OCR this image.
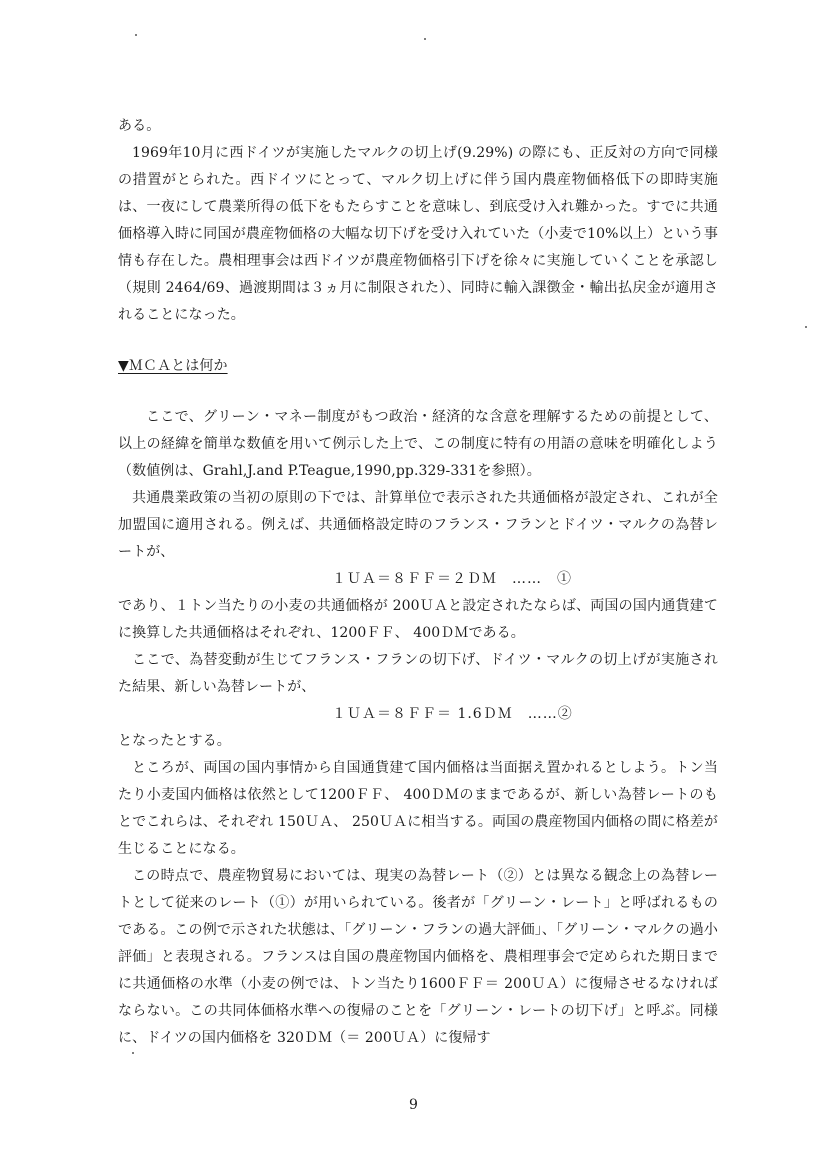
ある。

1969年10月に西ドイツが実施したマルクの切上げ(9.29%) の際にも、正反対の方向で同様の措置がとられた。西ドイツにとって、マルク切上げに伴う国内農産物価格低下の即時実施は、一夜にして農業所得の低下をもたらすことを意味し、到底受け入れ難かった。すでに共通価格導入時に同国が農産物価格の大幅な切下げを受け入れていた（小麦で10%以上）という事情も存在した。農相理事会は西ドイツが農産物価格引下げを徐々に実施していくことを承認し（規則 2464/69、過渡期間は３ヵ月に制限された）、同時に輸入課徴金・輸出払戻金が適用されることになった。

▼ＭＣＡとは何か

ここで、グリーン・マネー制度がもつ政治・経済的な含意を理解するための前提として、以上の経緯を簡単な数値を用いて例示した上で、この制度に特有の用語の意味を明確化しよう（数値例は、Grahl,J.and P.Teague,1990,pp.329-331を参照）。

共通農業政策の当初の原則の下では、計算単位で表示された共通価格が設定され、これが全加盟国に適用される。例えば、共通価格設定時のフランス・フランとドイツ・マルクの為替レートが、

１ＵＡ＝８ＦＦ＝２ＤＭ　……　①

であり、１トン当たりの小麦の共通価格が 200ＵＡと設定されたならば、両国の国内通貨建てに換算した共通価格はそれぞれ、1200ＦＦ、 400ＤＭである。

ここで、為替変動が生じてフランス・フランの切下げ、ドイツ・マルクの切上げが実施された結果、新しい為替レートが、

１ＵＡ＝８ＦＦ＝ 1.6ＤＭ　……②

となったとする。

ところが、両国の国内事情から自国通貨建て国内価格は当面据え置かれるとしよう。トン当たり小麦国内価格は依然として1200ＦＦ、 400ＤＭのままであるが、新しい為替レートのもとでこれらは、それぞれ 150ＵＡ、 250ＵＡに相当する。両国の農産物国内価格の間に格差が生じることになる。

この時点で、農産物貿易においては、現実の為替レート（②）とは異なる観念上の為替レートとして従来のレート（①）が用いられている。後者が「グリーン・レート」と呼ばれるものである。この例で示された状態は、「グリーン・フランの過大評価」、「グリーン・マルクの過小評価」と表現される。フランスは自国の農産物国内価格を、農相理事会で定められた期日までに共通価格の水準（小麦の例では、トン当たり1600ＦＦ＝ 200ＵＡ）に復帰させるなければならない。この共同体価格水準への復帰のことを「グリーン・レートの切下げ」と呼ぶ。同様に、ドイツの国内価格を 320ＤＭ（＝ 200ＵＡ）に復帰す

9
